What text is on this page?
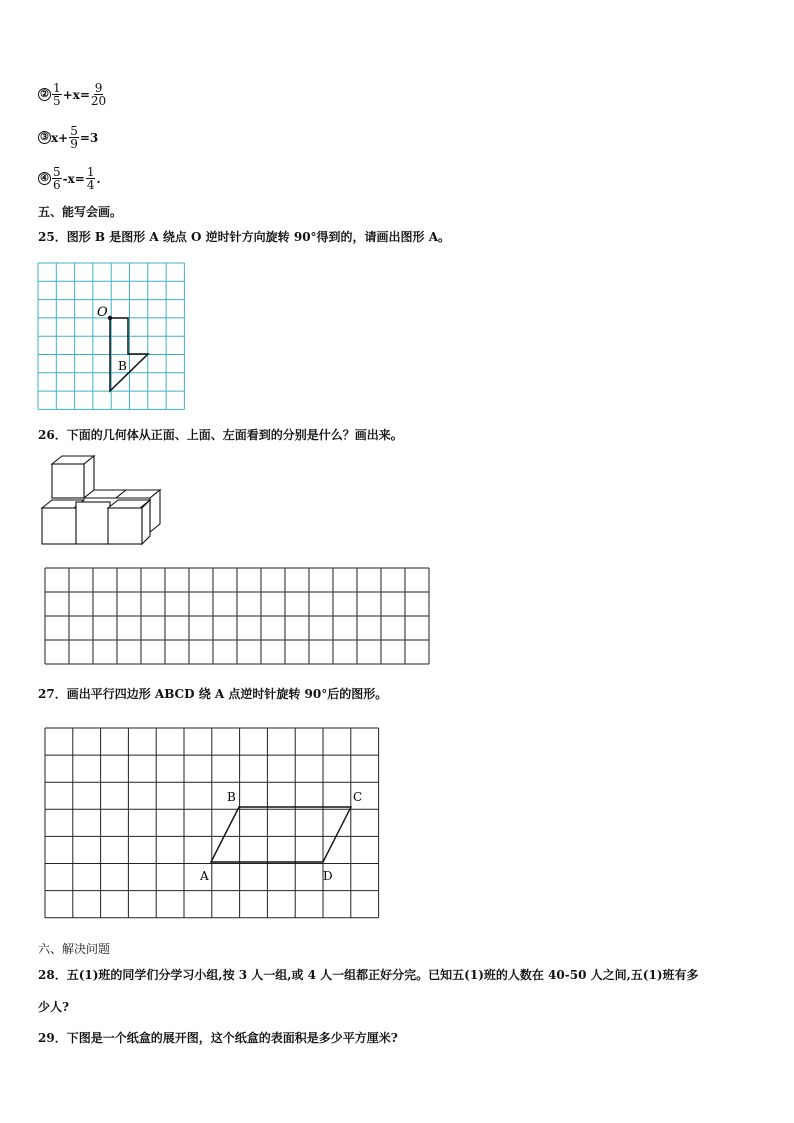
② $\frac{1}{5} +x= \frac{9}{20}$
③ $x+ \frac{5}{9} =3$
④ $\frac{5}{6} -x= \frac{1}{4}$ .
五、能写会画。
25．图形 B 是图形 A 绕点 O 逆时针方向旋转 90°得到的，请画出图形 A。
O
B
26．下面的几何体从正面、上面、左面看到的分别是什么？画出来。
27．画出平行四边形 ABCD 绕 A 点逆时针旋转 90°后的图形。
A
B	C
D
六、解决问题
28．五(1)班的同学们分学习小组,按 3 人一组,或 4 人一组都正好分完。已知五(1)班的人数在 40-50 人之间,五(1)班有多
少人?
29．下图是一个纸盒的展开图，这个纸盒的表面积是多少平方厘米?
